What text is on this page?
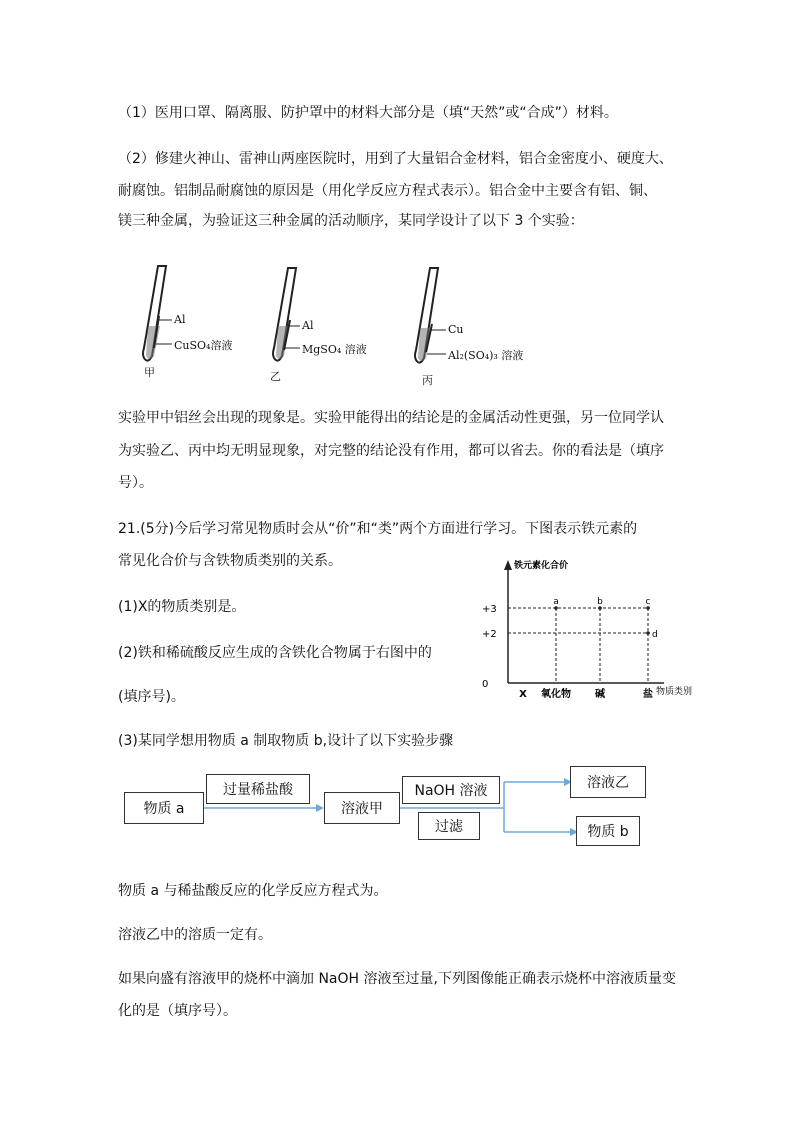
（1）医用口罩、隔离服、防护罩中的材料大部分是（填“天然”或“合成”）材料。

（2）修建火神山、雷神山两座医院时，用到了大量铝合金材料，铝合金密度小、硬度大、

耐腐蚀。铝制品耐腐蚀的原因是（用化学反应方程式表示）。铝合金中主要含有铝、铜、

镁三种金属，为验证这三种金属的活动顺序，某同学设计了以下 3 个实验：

Al
CuSO₄溶液
甲
Al
MgSO₄ 溶液
乙
Cu
Al₂(SO₄)₃ 溶液
丙

实验甲中铝丝会出现的现象是。实验甲能得出的结论是的金属活动性更强，另一位同学认

为实验乙、丙中均无明显现象，对完整的结论没有作用，都可以省去。你的看法是（填序

号）。

21.(5分)今后学习常见物质时会从“价”和“类”两个方面进行学习。下图表示铁元素的

常见化合价与含铁物质类别的关系。

(1)X的物质类别是。

(2)铁和稀硫酸反应生成的含铁化合物属于右图中的

(填序号)。

(3)某同学想用物质 a 制取物质 b,设计了以下实验步骤

0
+2
+3
X 氧化物 碱	盐
a	b	c
d
铁元素化合价
物质类别
物质 a
过量稀盐酸
溶液甲
NaOH 溶液
过滤
溶液乙
物质 b

物质 a 与稀盐酸反应的化学反应方程式为。

溶液乙中的溶质一定有。

如果向盛有溶液甲的烧杯中滴加 NaOH 溶液至过量,下列图像能正确表示烧杯中溶液质量变

化的是（填序号）。
